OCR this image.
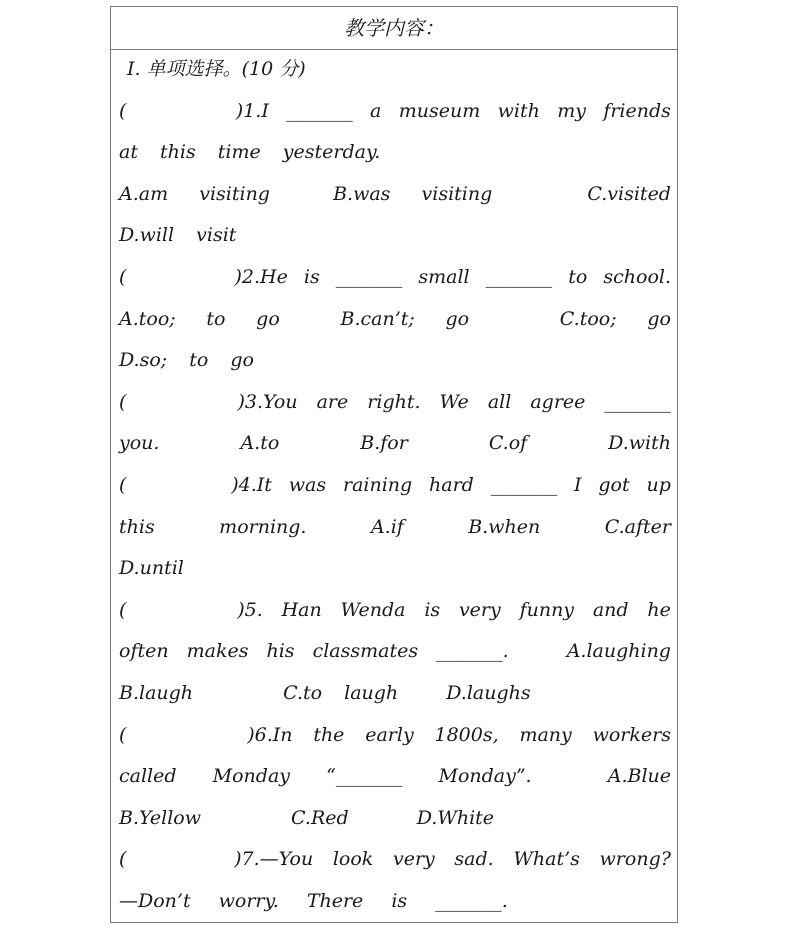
教学内容：
Ⅰ. 单项选择。(10 分)
(	)1.I _______ a museum with my friends
at this time yesterday.
A.am visiting	B.was visiting	C.visited
D.will visit
(	)2.He is _______ small _______ to school.
A.too; to go	B.can’t; go	C.too; go
D.so; to go
(	)3.You are right. We all agree _______
you.	A.to	B.for	C.of	D.with
(	)4.It was raining hard _______ I got up
this	morning.	A.if	B.when	C.after
D.until
(	)5. Han Wenda is very funny and he
often makes his classmates _______.	A.laughing
B.laugh	C.to laugh	D.laughs
(	)6.In the early 1800s, many workers
called Monday “_______ Monday”.	A.Blue
B.Yellow	C.Red	D.White
(	)7.—You look very sad. What’s wrong?
—Don’t worry. There is _______.
